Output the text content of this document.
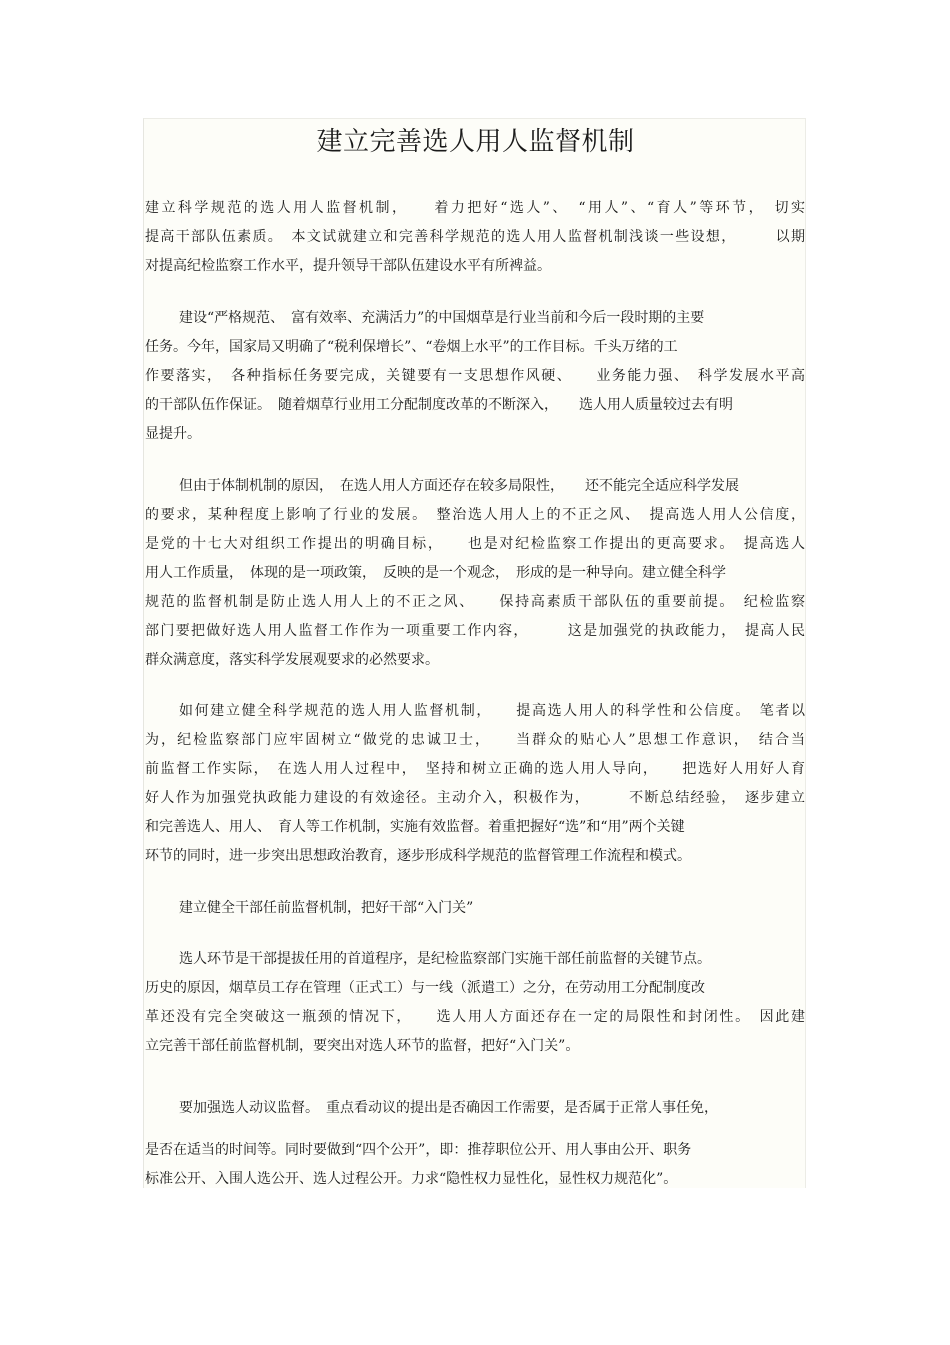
建立完善选人用人监督机制
建立科学规范的选人用人监督机制，　　着力把好“选人”、　“用人”、“育人”等环节，　切实
提高干部队伍素质。　本文试就建立和完善科学规范的选人用人监督机制浅谈一些设想，　　　以期
对提高纪检监察工作水平，提升领导干部队伍建设水平有所裨益。
建设“严格规范、　富有效率、充满活力”的中国烟草是行业当前和今后一段时期的主要
任务。今年，国家局又明确了“税利保增长”、“卷烟上水平”的工作目标。千头万绪的工
作要落实，　各种指标任务要完成，关键要有一支思想作风硬、　　业务能力强、　科学发展水平高
的干部队伍作保证。　随着烟草行业用工分配制度改革的不断深入，　　选人用人质量较过去有明
显提升。
但由于体制机制的原因，　在选人用人方面还存在较多局限性，　　还不能完全适应科学发展
的要求，某种程度上影响了行业的发展。　整治选人用人上的不正之风、　提高选人用人公信度，
是党的十七大对组织工作提出的明确目标，　　也是对纪检监察工作提出的更高要求。　提高选人
用人工作质量，　体现的是一项政策，　反映的是一个观念，　形成的是一种导向。建立健全科学
规范的监督机制是防止选人用人上的不正之风、　　保持高素质干部队伍的重要前提。　纪检监察
部门要把做好选人用人监督工作作为一项重要工作内容，　　　这是加强党的执政能力，　提高人民
群众满意度，落实科学发展观要求的必然要求。
如何建立健全科学规范的选人用人监督机制，　　提高选人用人的科学性和公信度。　笔者以
为，纪检监察部门应牢固树立“做党的忠诚卫士，　　当群众的贴心人”思想工作意识，　结合当
前监督工作实际，　在选人用人过程中，　坚持和树立正确的选人用人导向，　　把选好人用好人育
好人作为加强党执政能力建设的有效途径。主动介入，积极作为，　　　不断总结经验，　逐步建立
和完善选人、用人、　育人等工作机制，实施有效监督。着重把握好“选”和“用”两个关键
环节的同时，进一步突出思想政治教育，逐步形成科学规范的监督管理工作流程和模式。
建立健全干部任前监督机制，把好干部“入门关”
选人环节是干部提拔任用的首道程序，是纪检监察部门实施干部任前监督的关键节点。
历史的原因，烟草员工存在管理（正式工）与一线（派遣工）之分，在劳动用工分配制度改
革还没有完全突破这一瓶颈的情况下，　　选人用人方面还存在一定的局限性和封闭性。　因此建
立完善干部任前监督机制，要突出对选人环节的监督，把好“入门关”。
要加强选人动议监督。　重点看动议的提出是否确因工作需要，是否属于正常人事任免，
是否在适当的时间等。同时要做到“四个公开”，即：推荐职位公开、用人事由公开、职务
标准公开、入围人选公开、选人过程公开。力求“隐性权力显性化，显性权力规范化”。
